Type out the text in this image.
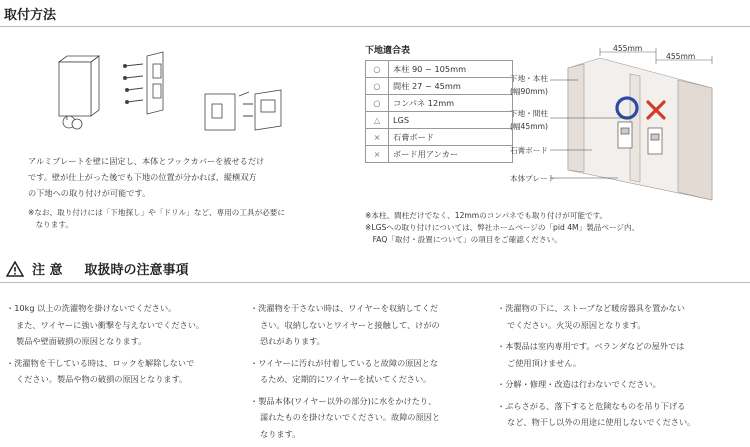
取付方法
アルミプレートを壁に固定し、本体とフックカバーを被せるだけ
です。壁が仕上がった後でも下地の位置が分かれば、縦横双方
の下地への取り付けが可能です。
※なお、取り付けには「下地探し」や「ドリル」など、専用の工具が必要に
　なります。
下地適合表
○	本柱 90 ~ 105mm
○	間柱 27 ~ 45mm
○	コンパネ 12mm
△	LGS
×	石膏ボード
×	ボード用アンカー
455mm
455mm
下地・本柱
(幅90mm)
下地・間柱
(幅45mm)
石膏ボード
本体プレート
※本柱、間柱だけでなく、12mmのコンパネでも取り付けが可能です。
※LGSへの取り付けについては、弊社ホームページの「pid 4M」製品ページ内、
　FAQ「取付・設置について」の項目をご確認ください。
注 意 取扱時の注意事項
・10kg 以上の洗濯物を掛けないでください。
また、ワイヤーに強い衝撃を与えないでください。
製品や壁面破損の原因となります。
・洗濯物を干している時は、ロックを解除しないで
ください。製品や物の破損の原因となります。
・洗濯物を干さない時は、ワイヤーを収納してくだ
さい。収納しないとワイヤーと接触して、けがの
恐れがあります。
・ワイヤーに汚れが付着していると故障の原因とな
るため、定期的にワイヤーを拭いてください。
・製品本体(ワイヤー以外の部分)に水をかけたり、
濡れたものを掛けないでください。故障の原因と
なります。
・洗濯物の下に、ストーブなど暖房器具を置かない
でください。火災の原因となります。
・本製品は室内専用です。ベランダなどの屋外では
ご使用頂けません。
・分解・修理・改造は行わないでください。
・ぶらさがる、落下すると危険なものを吊り下げる
など、物干し以外の用途に使用しないでください。
